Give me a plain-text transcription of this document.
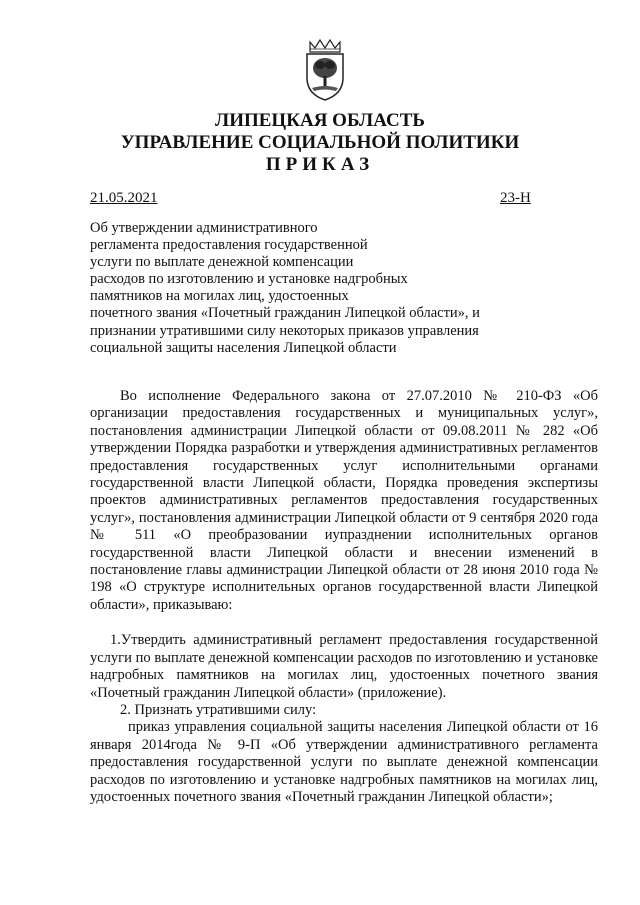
ЛИПЕЦКАЯ ОБЛАСТЬ
УПРАВЛЕНИЕ СОЦИАЛЬНОЙ ПОЛИТИКИ
ПРИКАЗ
21.05.2021	23-Н
Об утверждении административного
регламента предоставления государственной
услуги по выплате денежной компенсации
расходов по изготовлению и установке надгробных
памятников на могилах лиц, удостоенных
почетного звания «Почетный гражданин Липецкой области», и
признании утратившими силу некоторых приказов управления
социальной защиты населения Липецкой области

Во исполнение Федерального закона от 27.07.2010 № 210-ФЗ «Об организации предоставления государственных и муниципальных услуг», постановления администрации Липецкой области от 09.08.2011 № 282 «Об утверждении Порядка разработки и утверждения административных регламентов предоставления государственных услуг исполнительными органами государственной власти Липецкой области, Порядка проведения экспертизы проектов административных регламентов предоставления государственных услуг», постановления администрации Липецкой области от 9 сентября 2020 года № 511 «О преобразовании иупразднении исполнительных органов государственной власти Липецкой области и внесении изменений в постановление главы администрации Липецкой области от 28 июня 2010 года № 198 «О структуре исполнительных органов государственной власти Липецкой области», приказываю:

1.Утвердить административный регламент предоставления государственной услуги по выплате денежной компенсации расходов по изготовлению и установке надгробных памятников на могилах лиц, удостоенных почетного звания «Почетный гражданин Липецкой области» (приложение).

2. Признать утратившими силу:

приказ управления социальной защиты населения Липецкой области от 16 января 2014года № 9-П «Об утверждении административного регламента предоставления государственной услуги по выплате денежной компенсации расходов по изготовлению и установке надгробных памятников на могилах лиц, удостоенных почетного звания «Почетный гражданин Липецкой области»;
